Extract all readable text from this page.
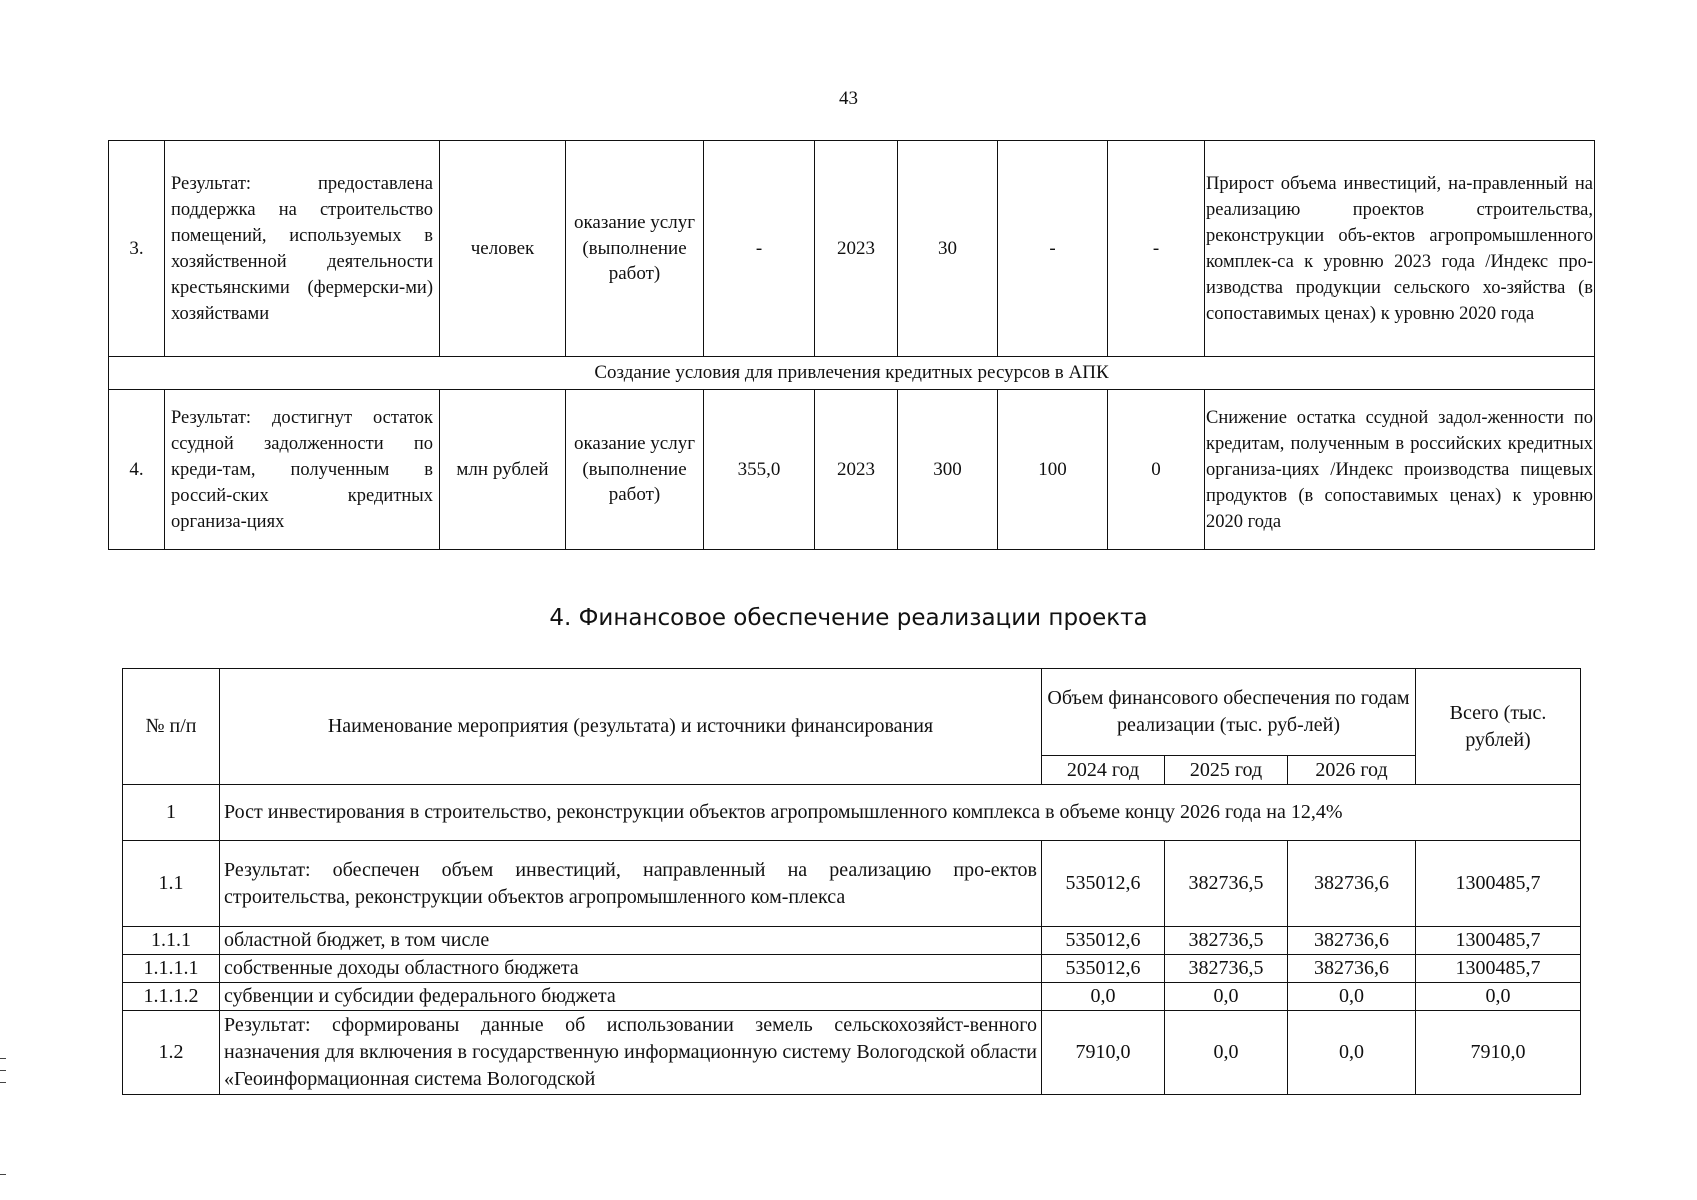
43
3.	Результат: предоставлена поддержка на строительство помещений, используемых в хозяйственной деятельности крестьянскими (фермерски-ми) хозяйствами	человек	оказание услуг (выполнение работ)	-	2023	30	-	-	Прирост объема инвестиций, на-правленный на реализацию проектов строительства, реконструкции объ-ектов агропромышленного комплек-са к уровню 2023 года /Индекс про-изводства продукции сельского хо-зяйства (в сопоставимых ценах) к уровню 2020 года
Создание условия для привлечения кредитных ресурсов в АПК									
4.	Результат: достигнут остаток ссудной задолженности по креди-там, полученным в россий-ских кредитных организа-циях	млн рублей	оказание услуг (выполнение работ)	355,0	2023	300	100	0	Снижение остатка ссудной задол-женности по кредитам, полученным в российских кредитных организа-циях /Индекс производства пищевых продуктов (в сопоставимых ценах) к уровню 2020 года
4. Финансовое обеспечение реализации проекта
№ п/п	Наименование мероприятия (результата) и источники финансирования	Объем финансового обеспечения по годам реализации (тыс. руб-лей)			Всего (тыс. рублей)
		2024 год	2025 год	2026 год	
1	Рост инвестирования в строительство, реконструкции объектов агропромышленного комплекса в объеме концу 2026 года на 12,4%				
1.1	Результат: обеспечен объем инвестиций, направленный на реализацию про-ектов строительства, реконструкции объектов агропромышленного ком-плекса	535012,6	382736,5	382736,6	1300485,7
1.1.1	областной бюджет, в том числе	535012,6	382736,5	382736,6	1300485,7
1.1.1.1	собственные доходы областного бюджета	535012,6	382736,5	382736,6	1300485,7
1.1.1.2	субвенции и субсидии федерального бюджета	0,0	0,0	0,0	0,0
1.2	Результат: сформированы данные об использовании земель сельскохозяйст-венного назначения для включения в государственную информационную систему Вологодской области «Геоинформационная система Вологодской	7910,0	0,0	0,0	7910,0
